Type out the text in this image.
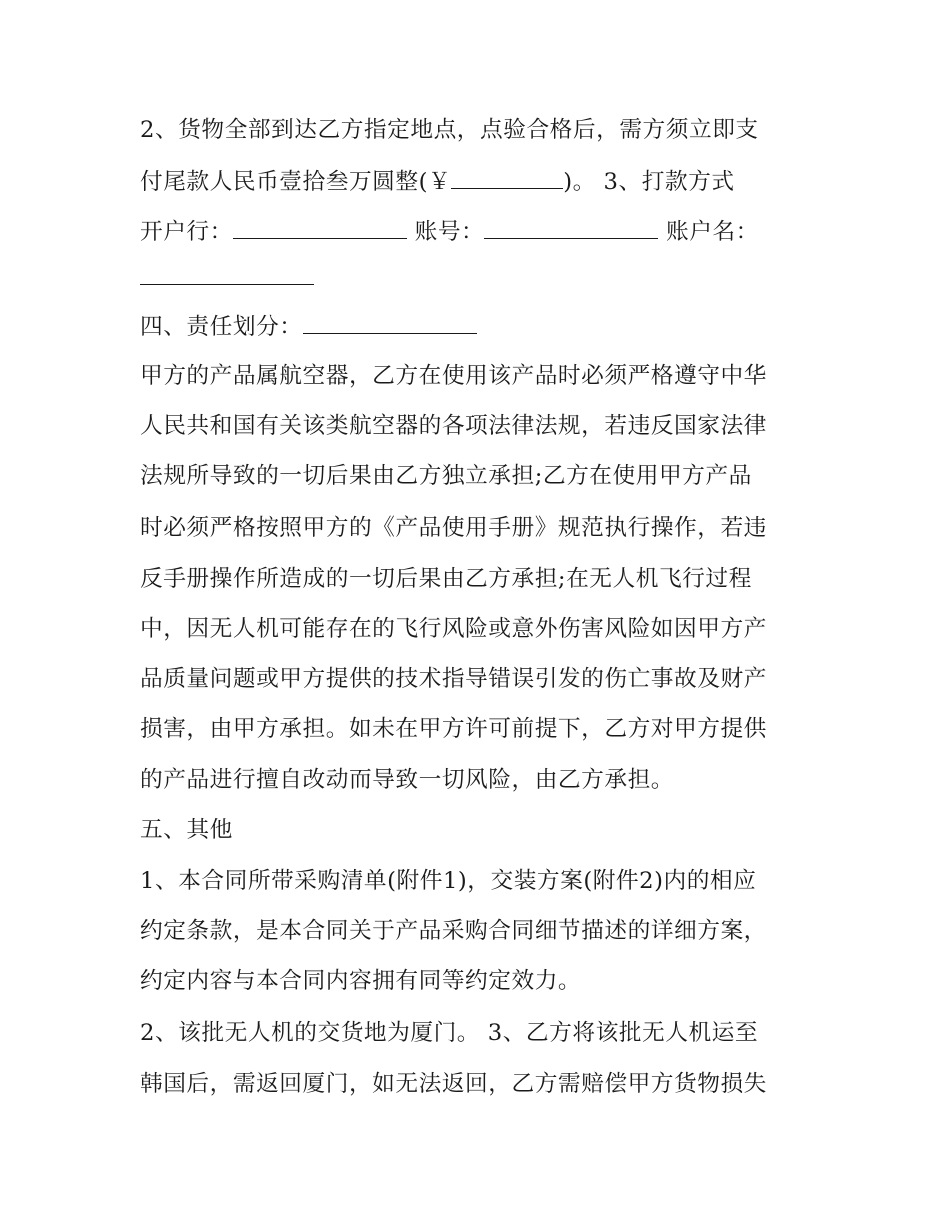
2、货物全部到达乙方指定地点，点验合格后，需方须立即支
付尾款人民币壹拾叁万圆整(￥	)。 3、打款方式
开户行：	账号：	账户名：
四、责任划分：
甲方的产品属航空器，乙方在使用该产品时必须严格遵守中华
人民共和国有关该类航空器的各项法律法规，若违反国家法律
法规所导致的一切后果由乙方独立承担;乙方在使用甲方产品
时必须严格按照甲方的《产品使用手册》规范执行操作，若违
反手册操作所造成的一切后果由乙方承担;在无人机飞行过程
中，因无人机可能存在的飞行风险或意外伤害风险如因甲方产
品质量问题或甲方提供的技术指导错误引发的伤亡事故及财产
损害，由甲方承担。如未在甲方许可前提下，乙方对甲方提供
的产品进行擅自改动而导致一切风险，由乙方承担。
五、其他
1、本合同所带采购清单(附件1)，交装方案(附件2)内的相应
约定条款，是本合同关于产品采购合同细节描述的详细方案，
约定内容与本合同内容拥有同等约定效力。
2、该批无人机的交货地为厦门。 3、乙方将该批无人机运至
韩国后，需返回厦门，如无法返回，乙方需赔偿甲方货物损失
